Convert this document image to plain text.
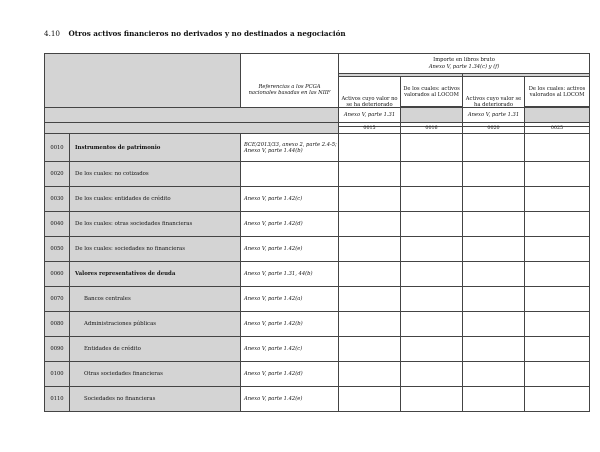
4.10 Otros activos financieros no derivados y no destinados a negociación
	Referencias a los PCGA nacionales basadas en las NIIF	Importe en libros bruto
Anexo V, parte 1.34(c) y (f)			

		Activos cuyo valor no se ha deteriorado	De los cuales: activos valorados al LOCOM	Activos cuyo valor se ha deteriorado	De los cuales: activos valorados al LOCOM

			Anexo V, parte 1.31		Anexo V, parte 1.31	
			0015	0016	0020	0025
0010	Instrumentos de patrimonio	BCE/2013/33, anexo 2, parte 2.4-5; Anexo V, parte 1.44(b)				
0020	De los cuales: no cotizados					
0030	De los cuales: entidades de crédito	Anexo V, parte 1.42(c)				
0040	De los cuales: otras sociedades financieras	Anexo V, parte 1.42(d)				
0050	De los cuales: sociedades no financieras	Anexo V, parte 1.42(e)				
0060	Valores representativos de deuda	Anexo V, parte 1.31, 44(b)				
0070	Bancos centrales	Anexo V, parte 1.42(a)				
0080	Administraciones públicas	Anexo V, parte 1.42(b)				
0090	Entidades de crédito	Anexo V, parte 1.42(c)				
0100	Otras sociedades financieras	Anexo V, parte 1.42(d)				
0110	Sociedades no financieras	Anexo V, parte 1.42(e)				
